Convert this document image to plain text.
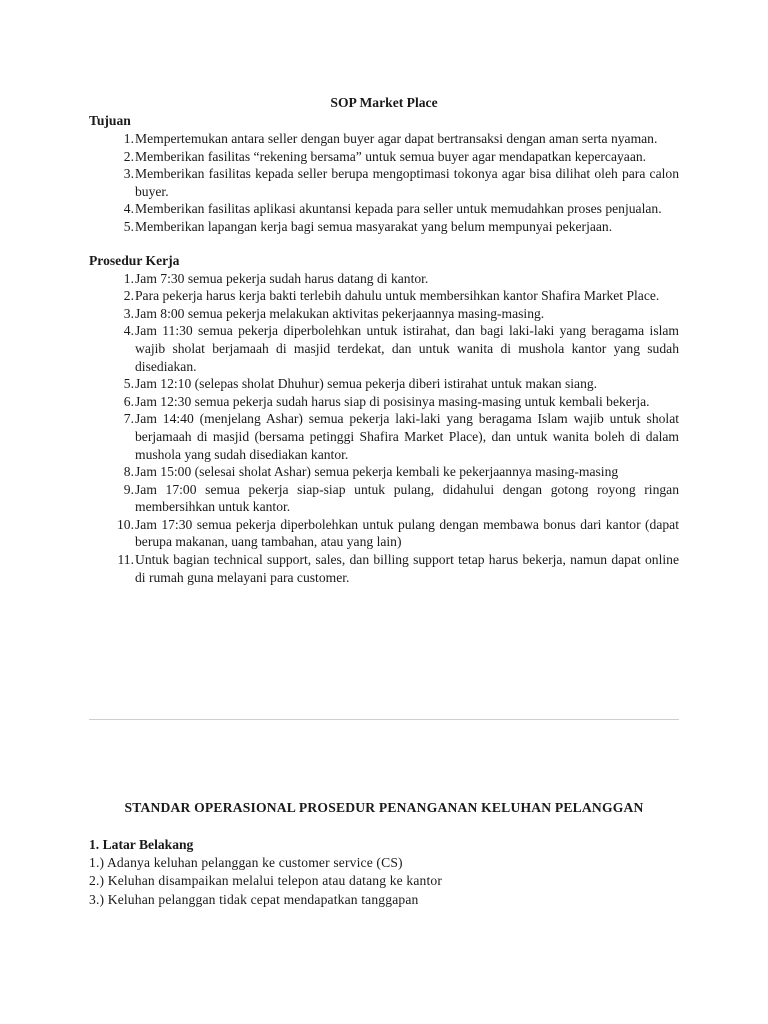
SOP Market Place
Tujuan
1 . Mempertemukan antara seller dengan buyer agar dapat bertransaksi dengan aman serta nyaman.
2 . Memberikan fasilitas “rekening bersama” untuk semua buyer agar mendapatkan kepercayaan.
3 . Memberikan fasilitas kepada seller berupa mengoptimasi tokonya agar bisa dilihat oleh para calon buyer.
4 . Memberikan fasilitas aplikasi akuntansi kepada para seller untuk memudahkan proses penjualan.
5 . Memberikan lapangan kerja bagi semua masyarakat yang belum mempunyai pekerjaan.
Prosedur Kerja
1 . Jam 7:30 semua pekerja sudah harus datang di kantor.
2 . Para pekerja harus kerja bakti terlebih dahulu untuk membersihkan kantor Shafira Market Place.
3 . Jam 8:00 semua pekerja melakukan aktivitas pekerjaannya masing-masing.
4 . Jam 11:30 semua pekerja diperbolehkan untuk istirahat, dan bagi laki-laki yang beragama islam wajib sholat berjamaah di masjid terdekat, dan untuk wanita di mushola kantor yang sudah disediakan.
5 . Jam 12:10 (selepas sholat Dhuhur) semua pekerja diberi istirahat untuk makan siang.
6 . Jam 12:30 semua pekerja sudah harus siap di posisinya masing-masing untuk kembali bekerja.
7 . Jam 14:40 (menjelang Ashar) semua pekerja laki-laki yang beragama Islam wajib untuk sholat berjamaah di masjid (bersama petinggi Shafira Market Place), dan untuk wanita boleh di dalam mushola yang sudah disediakan kantor.
8 . Jam 15:00 (selesai sholat Ashar) semua pekerja kembali ke pekerjaannya masing-masing
9 . Jam 17:00 semua pekerja siap-siap untuk pulang, didahului dengan gotong royong ringan membersihkan untuk kantor.
10 . Jam 17:30 semua pekerja diperbolehkan untuk pulang dengan membawa bonus dari kantor (dapat berupa makanan, uang tambahan, atau yang lain)
11 . Untuk bagian technical support, sales, dan billing support tetap harus bekerja, namun dapat online di rumah guna melayani para customer.
STANDAR OPERASIONAL PROSEDUR PENANGANAN KELUHAN PELANGGAN
1. Latar Belakang
1.) Adanya keluhan pelanggan ke customer service (CS)
2.) Keluhan disampaikan melalui telepon atau datang ke kantor
3.) Keluhan pelanggan tidak cepat mendapatkan tanggapan
